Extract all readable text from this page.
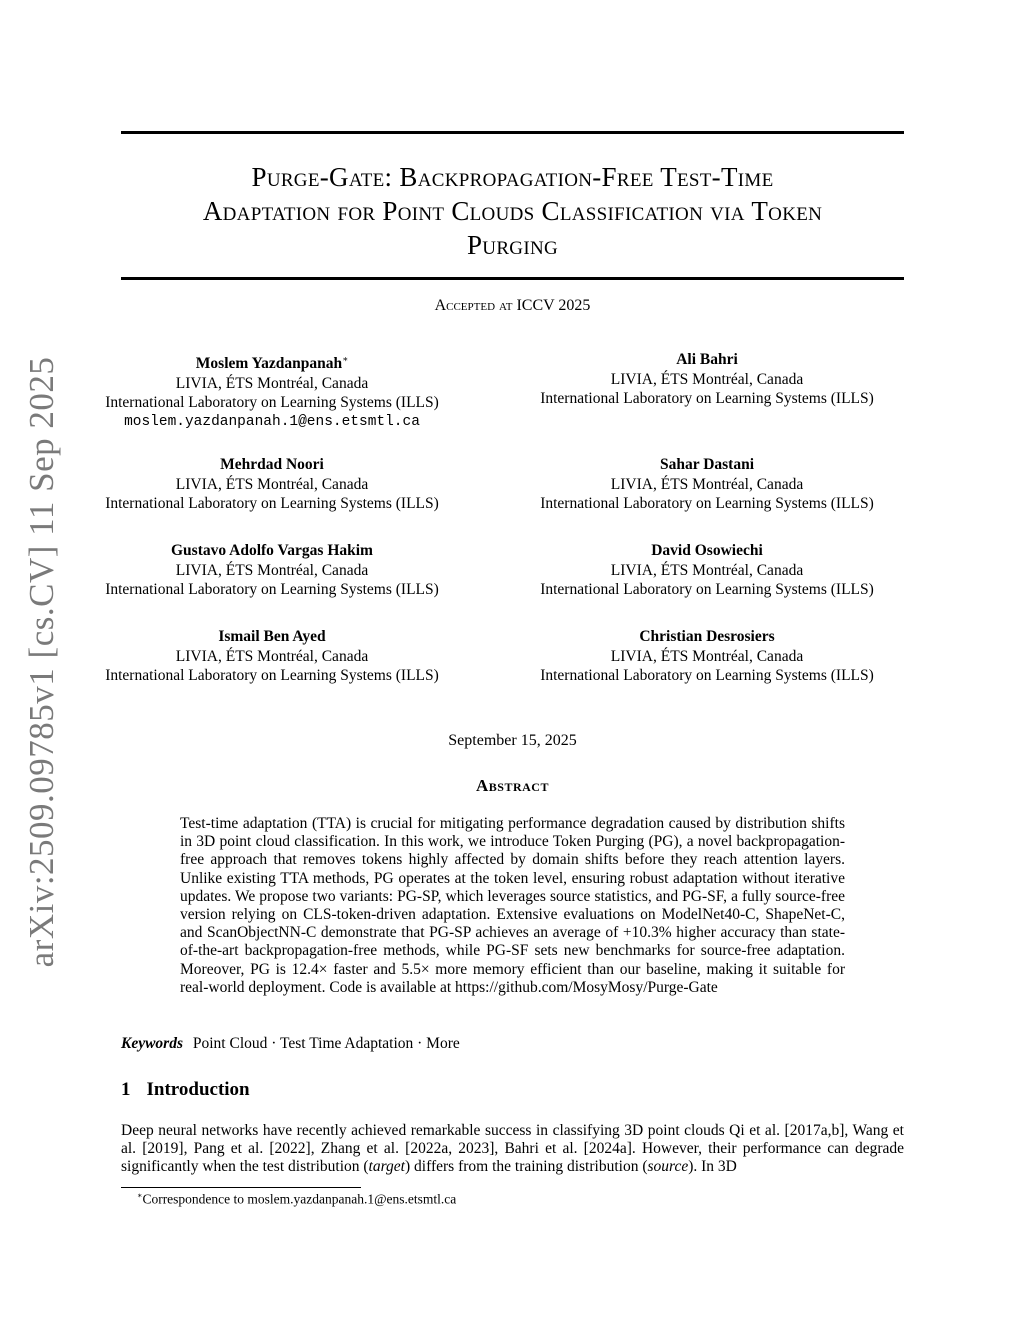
arXiv:2509.09785v1 [cs.CV] 11 Sep 2025
Purge-Gate: Backpropagation-Free Test-Time
Adaptation for Point Clouds Classification via Token
Purging
Accepted at ICCV 2025
Moslem Yazdanpanah∗
LIVIA, ÉTS Montréal, Canada
International Laboratory on Learning Systems (ILLS)
moslem.yazdanpanah.1@ens.etsmtl.ca
Ali Bahri
LIVIA, ÉTS Montréal, Canada
International Laboratory on Learning Systems (ILLS)
Mehrdad Noori
LIVIA, ÉTS Montréal, Canada
International Laboratory on Learning Systems (ILLS)
Sahar Dastani
LIVIA, ÉTS Montréal, Canada
International Laboratory on Learning Systems (ILLS)
Gustavo Adolfo Vargas Hakim
LIVIA, ÉTS Montréal, Canada
International Laboratory on Learning Systems (ILLS)
David Osowiechi
LIVIA, ÉTS Montréal, Canada
International Laboratory on Learning Systems (ILLS)
Ismail Ben Ayed
LIVIA, ÉTS Montréal, Canada
International Laboratory on Learning Systems (ILLS)
Christian Desrosiers
LIVIA, ÉTS Montréal, Canada
International Laboratory on Learning Systems (ILLS)
September 15, 2025
Abstract

Test-time adaptation (TTA) is crucial for mitigating performance degradation caused by distribution shifts in 3D point cloud classification. In this work, we introduce Token Purging (PG), a novel backpropagation-free approach that removes tokens highly affected by domain shifts before they reach attention layers. Unlike existing TTA methods, PG operates at the token level, ensuring robust adaptation without iterative updates. We propose two variants: PG-SP, which leverages source statistics, and PG-SF, a fully source-free version relying on CLS-token-driven adaptation. Extensive evaluations on ModelNet40-C, ShapeNet-C, and ScanObjectNN-C demonstrate that PG-SP achieves an average of +10.3% higher accuracy than state-of-the-art backpropagation-free methods, while PG-SF sets new benchmarks for source-free adaptation. Moreover, PG is 12.4× faster and 5.5× more memory efficient than our baseline, making it suitable for real-world deployment. Code is available at https://github.com/MosyMosy/Purge-Gate

Keywords Point Cloud · Test Time Adaptation · More
1 Introduction

Deep neural networks have recently achieved remarkable success in classifying 3D point clouds Qi et al. [2017a,b], Wang et al. [2019], Pang et al. [2022], Zhang et al. [2022a, 2023], Bahri et al. [2024a]. However, their performance can degrade significantly when the test distribution (target) differs from the training distribution (source). In 3D

∗Correspondence to moslem.yazdanpanah.1@ens.etsmtl.ca
